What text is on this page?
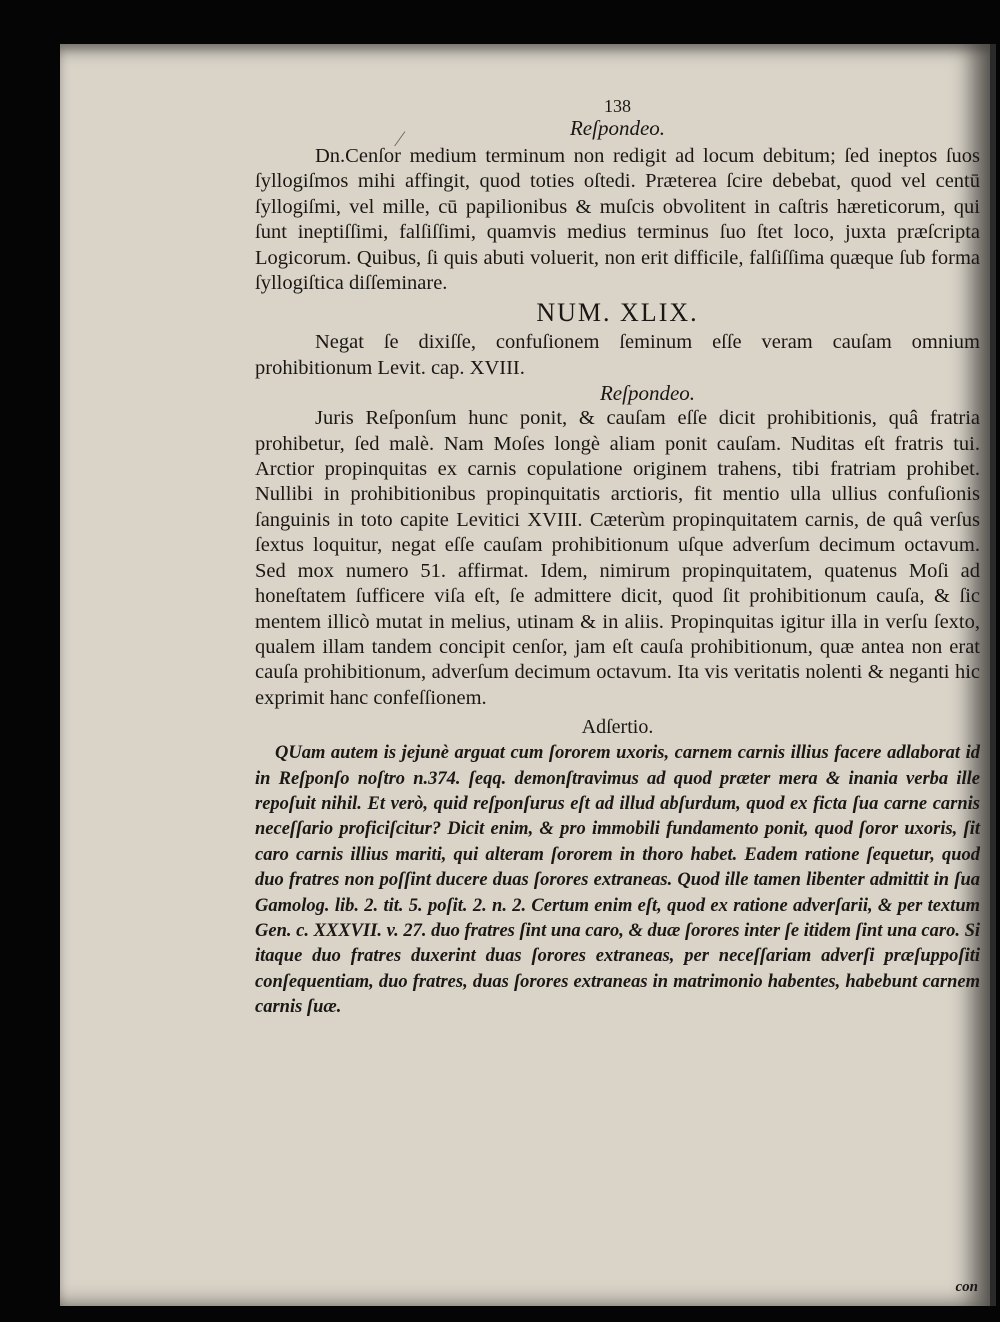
⁄

138

Reſpondeo.

Dn.Cenſor medium terminum non redigit ad locum debitum; ſed ineptos ſuos ſyllogiſmos mihi affingit, quod toties oſtedi. Præterea ſcire debebat, quod vel centū ſyllogiſmi, vel mille, cū papilionibus & muſcis obvolitent in caſtris hæreticorum, qui ſunt ineptiſſimi, falſiſſimi, quamvis medius terminus ſuo ſtet loco, juxta præſcripta Logicorum. Quibus, ſi quis abuti voluerit, non erit difficile, falſiſſima quæque ſub forma ſyllogiſtica diſſeminare.

NUM. XLIX.

Negat ſe dixiſſe, confuſionem ſeminum eſſe veram cauſam omnium prohibitionum Levit. cap. XVIII.

Reſpondeo.

Juris Reſponſum hunc ponit, & cauſam eſſe dicit prohibitionis, quâ fratria prohibetur, ſed malè. Nam Moſes longè aliam ponit cauſam. Nuditas eſt fratris tui. Arctior propinquitas ex carnis copulatione originem trahens, tibi fratriam prohibet. Nullibi in prohibitionibus propinquitatis arctioris, fit mentio ulla ullius confuſionis ſanguinis in toto capite Levitici XVIII. Cæterùm propinquitatem carnis, de quâ verſus ſextus loquitur, negat eſſe cauſam prohibitionum uſque adverſum decimum octavum. Sed mox numero 51. affirmat. Idem, nimirum propinquitatem, quatenus Moſi ad honeſtatem ſufficere viſa eſt, ſe admittere dicit, quod ſit prohibitionum cauſa, & ſic mentem illicò mutat in melius, utinam & in aliis. Propinquitas igitur illa in verſu ſexto, qualem illam tandem concipit cenſor, jam eſt cauſa prohibitionum, quæ antea non erat cauſa prohibitionum, adverſum decimum octavum. Ita vis veritatis nolenti & neganti hic exprimit hanc confeſſionem.

Adſertio.

QUam autem is jejunè arguat cum ſororem uxoris, carnem carnis illius facere adlaborat id in Reſponſo noſtro n.374. ſeqq. demonſtravimus ad quod præter mera & inania verba ille repoſuit nihil. Et verò, quid reſponſurus eſt ad illud abſurdum, quod ex ficta ſua carne carnis neceſſario proficiſcitur? Dicit enim, & pro immobili fundamento ponit, quod ſoror uxoris, ſit caro carnis illius mariti, qui alteram ſororem in thoro habet. Eadem ratione ſequetur, quod duo fratres non poſſint ducere duas ſorores extraneas. Quod ille tamen libenter admittit in ſua Gamolog. lib. 2. tit. 5. poſit. 2. n. 2. Certum enim eſt, quod ex ratione adverſarii, & per textum Gen. c. XXXVII. v. 27. duo fratres ſint una caro, & duæ ſorores inter ſe itidem ſint una caro. Si itaque duo fratres duxerint duas ſorores extraneas, per neceſſariam adverſi præſuppoſiti conſequentiam, duo fratres, duas ſorores extraneas in matrimonio habentes, habebunt carnem carnis ſuæ.

con
